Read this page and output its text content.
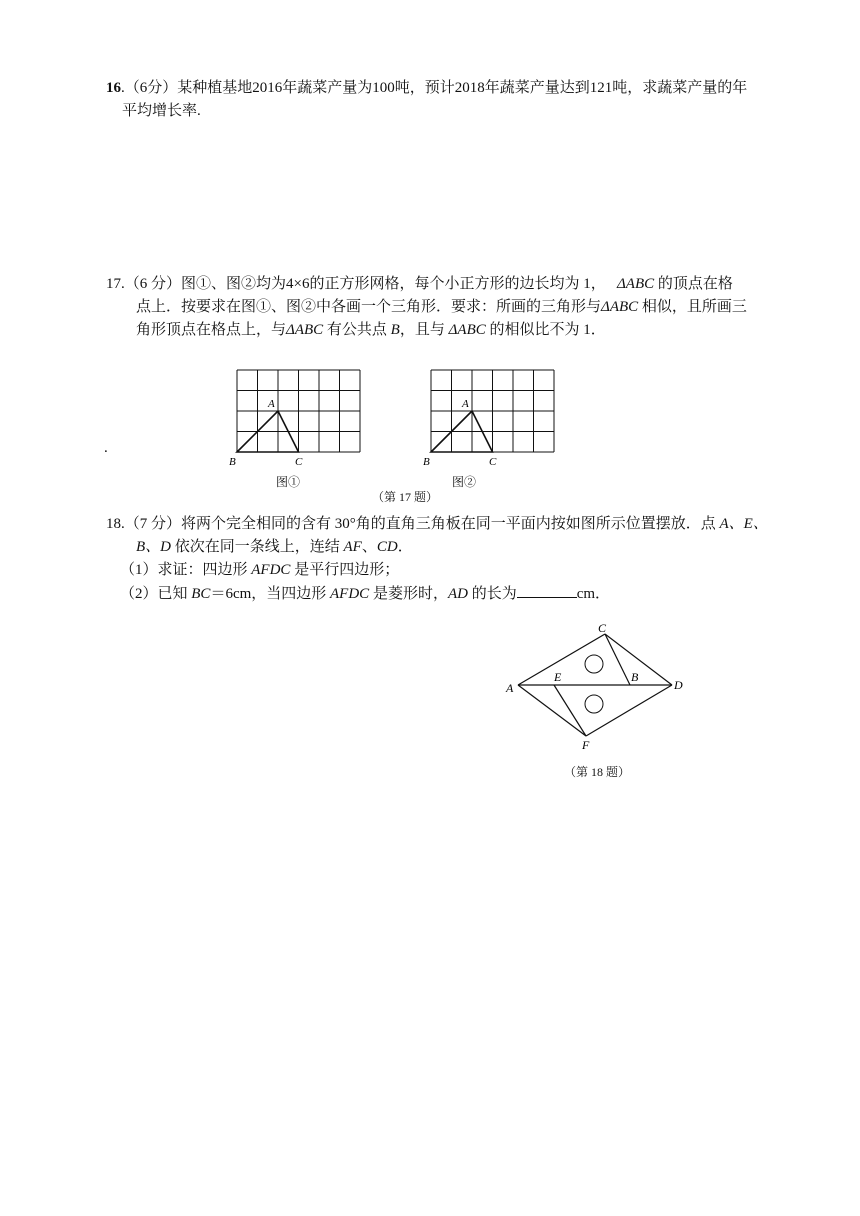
16.（6分）某种植基地2016年蔬菜产量为100吨，预计2018年蔬菜产量达到121吨，求蔬菜产量的年
平均增长率.
17.（6 分）图①、图②均为4×6的正方形网格，每个小正方形的边长均为 1， ΔABC 的顶点在格
点上．按要求在图①、图②中各画一个三角形．要求：所画的三角形与ΔABC 相似，且所画三
角形顶点在格点上，与ΔABC 有公共点 B，且与 ΔABC 的相似比不为 1．
.
A
B	C
A
B	C
图①	图②
（第 17 题）
18.（7 分）将两个完全相同的含有 30°角的直角三角板在同一平面内按如图所示位置摆放．点 A、E、
B、D 依次在同一条线上，连结 AF、CD．
（1）求证：四边形 AFDC 是平行四边形；
（2）已知 BC＝6cm，当四边形 AFDC 是菱形时，AD 的长为	cm．
C
A
E	B
D
F
（第 18 题）
